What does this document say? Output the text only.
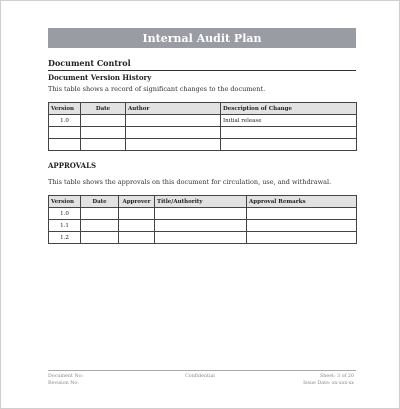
Internal Audit Plan
Document Control
Document Version History
This table shows a record of significant changes to the document.
Version	Date	Author	Description of Change
1.0			Initial release

APPROVALS
This table shows the approvals on this document for circulation, use, and withdrawal.
Version	Date	Approver	Title/Authority	Approval Remarks
1.0				
1.1				
1.2				
Document No:
Revision No:
Confidential	Sheet: 3 of 20
Issue Date: xx-xxx-xx
